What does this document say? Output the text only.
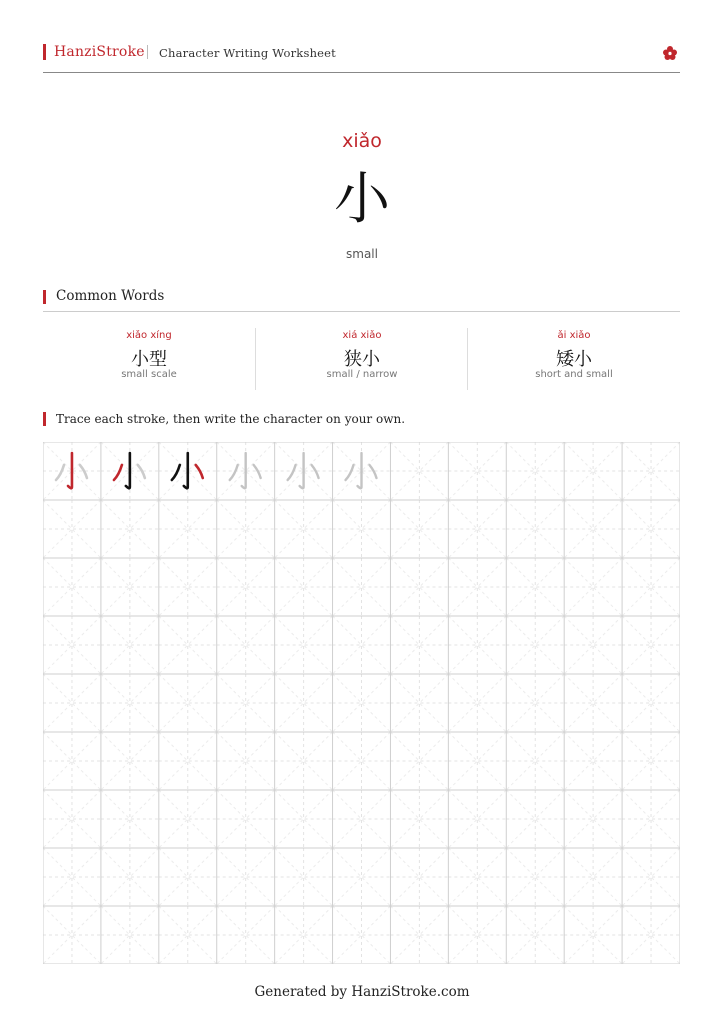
HanziStroke Character Writing Worksheet
xiǎo
小
small
Common Words
xiǎo xíng
小型
small scale
xiá xiǎo
狭小
small / narrow
ǎi xiǎo
矮小
short and small
Trace each stroke, then write the character on your own.
Generated by HanziStroke.com
